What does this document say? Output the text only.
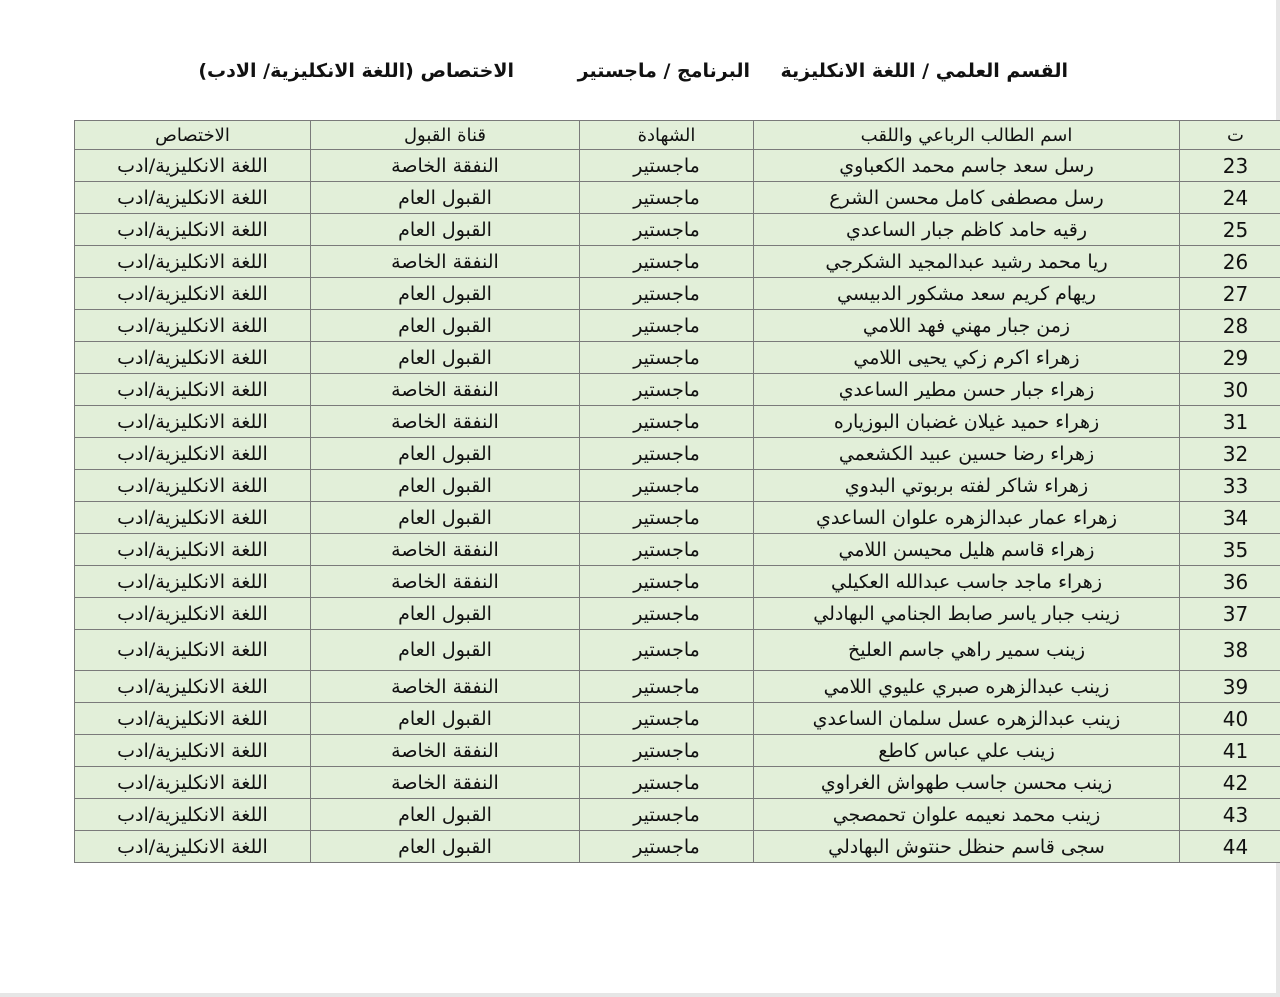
القسم العلمي / اللغة الانكليزية
البرنامج / ماجستير
الاختصاص (اللغة الانكليزية/ الادب)
ت	اسم الطالب الرباعي واللقب	الشهادة	قناة القبول	الاختصاص
23	رسل سعد جاسم محمد الكعباوي	ماجستير	النفقة الخاصة	اللغة الانكليزية/ادب
24	رسل مصطفى كامل محسن الشرع	ماجستير	القبول العام	اللغة الانكليزية/ادب
25	رقيه حامد كاظم جبار الساعدي	ماجستير	القبول العام	اللغة الانكليزية/ادب
26	ريا محمد رشيد عبدالمجيد الشكرجي	ماجستير	النفقة الخاصة	اللغة الانكليزية/ادب
27	ريهام كريم سعد مشكور الدبيسي	ماجستير	القبول العام	اللغة الانكليزية/ادب
28	زمن جبار مهني فهد اللامي	ماجستير	القبول العام	اللغة الانكليزية/ادب
29	زهراء اكرم زكي يحيى اللامي	ماجستير	القبول العام	اللغة الانكليزية/ادب
30	زهراء جبار حسن مطير الساعدي	ماجستير	النفقة الخاصة	اللغة الانكليزية/ادب
31	زهراء حميد غيلان غضبان البوزياره	ماجستير	النفقة الخاصة	اللغة الانكليزية/ادب
32	زهراء رضا حسين عبيد الكشعمي	ماجستير	القبول العام	اللغة الانكليزية/ادب
33	زهراء شاكر لفته بربوتي البدوي	ماجستير	القبول العام	اللغة الانكليزية/ادب
34	زهراء عمار عبدالزهره علوان الساعدي	ماجستير	القبول العام	اللغة الانكليزية/ادب
35	زهراء قاسم هليل محيسن اللامي	ماجستير	النفقة الخاصة	اللغة الانكليزية/ادب
36	زهراء ماجد جاسب عبدالله العكيلي	ماجستير	النفقة الخاصة	اللغة الانكليزية/ادب
37	زينب جبار ياسر صابط الجنامي البهادلي	ماجستير	القبول العام	اللغة الانكليزية/ادب
38	زينب سمير راهي جاسم العليخ	ماجستير	القبول العام	اللغة الانكليزية/ادب
39	زينب عبدالزهره صبري عليوي اللامي	ماجستير	النفقة الخاصة	اللغة الانكليزية/ادب
40	زينب عبدالزهره عسل سلمان الساعدي	ماجستير	القبول العام	اللغة الانكليزية/ادب
41	زينب علي عباس كاطع	ماجستير	النفقة الخاصة	اللغة الانكليزية/ادب
42	زينب محسن جاسب طهواش الغراوي	ماجستير	النفقة الخاصة	اللغة الانكليزية/ادب
43	زينب محمد نعيمه علوان تحمصجي	ماجستير	القبول العام	اللغة الانكليزية/ادب
44	سجى قاسم حنظل حنتوش البهادلي	ماجستير	القبول العام	اللغة الانكليزية/ادب
